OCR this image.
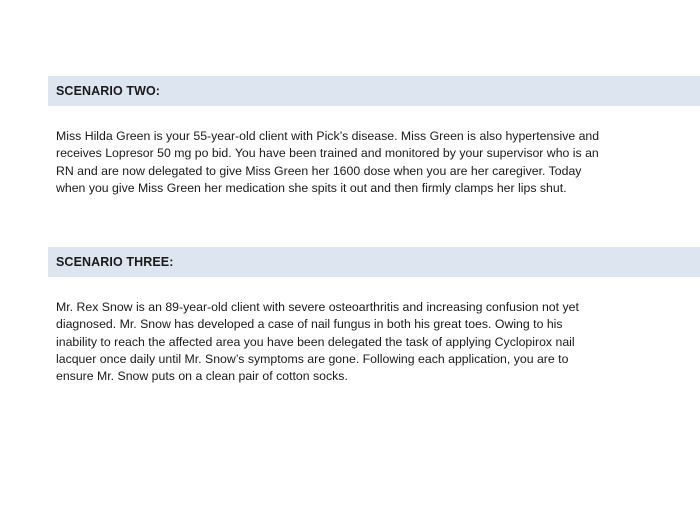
SCENARIO TWO:

Miss Hilda Green is your 55-year-old client with Pick’s disease. Miss Green is also hypertensive and
receives Lopresor 50 mg po bid. You have been trained and monitored by your supervisor who is an
RN and are now delegated to give Miss Green her 1600 dose when you are her caregiver. Today
when you give Miss Green her medication she spits it out and then firmly clamps her lips shut.

SCENARIO THREE:

Mr. Rex Snow is an 89-year-old client with severe osteoarthritis and increasing confusion not yet
diagnosed. Mr. Snow has developed a case of nail fungus in both his great toes. Owing to his
inability to reach the affected area you have been delegated the task of applying Cyclopirox nail
lacquer once daily until Mr. Snow’s symptoms are gone. Following each application, you are to
ensure Mr. Snow puts on a clean pair of cotton socks.
